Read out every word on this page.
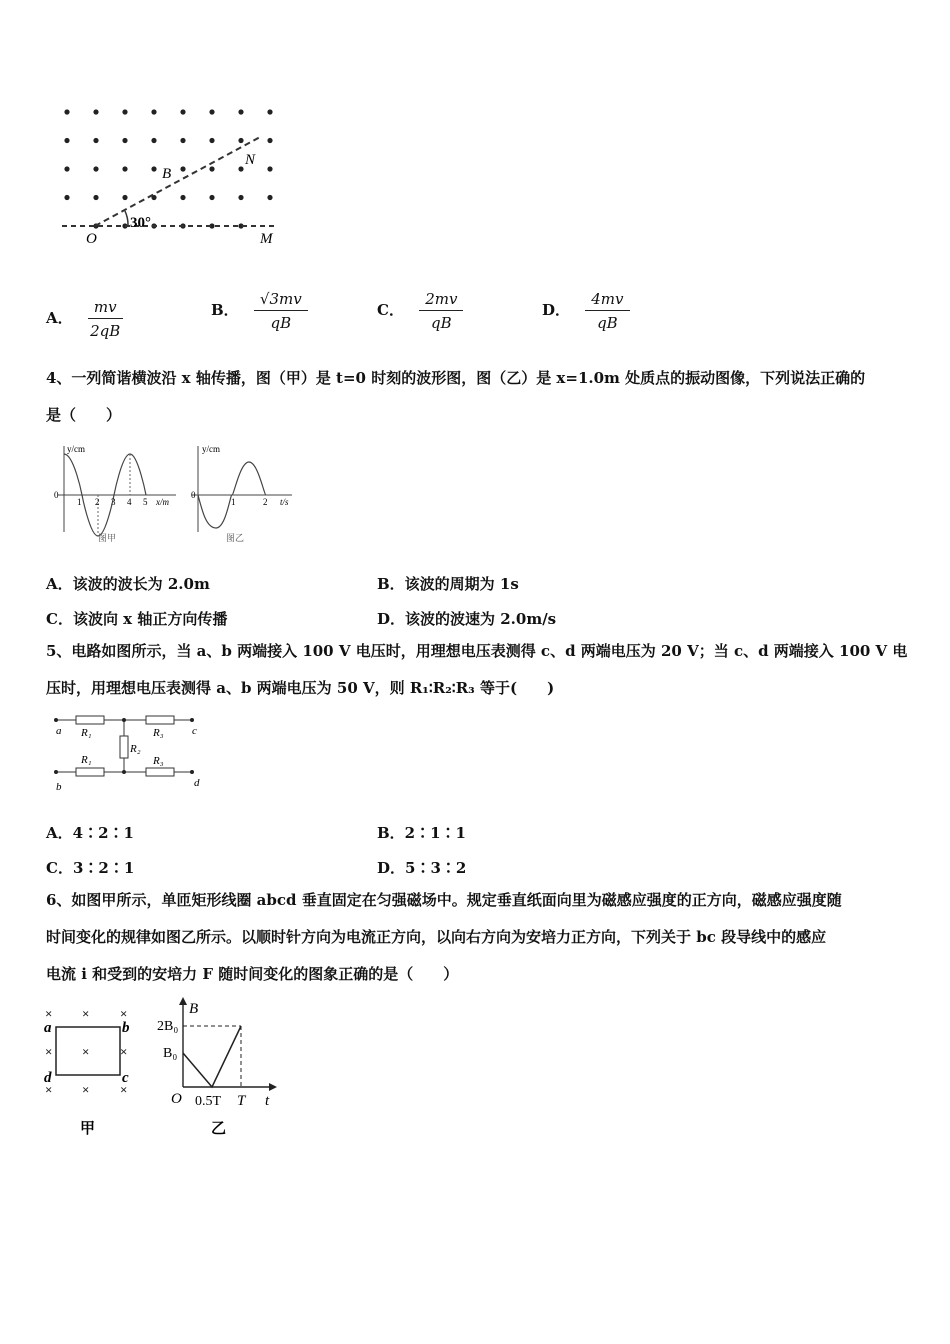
30°
B
N
O	M
A． $\frac{mv}{2qB}$	B． $\frac{√3mv}{qB}$	C． $\frac{2mv}{qB}$	D． $\frac{4mv}{qB}$
4、一列简谐横波沿 x 轴传播，图（甲）是 t=0 时刻的波形图，图（乙）是 x=1.0m 处质点的振动图像，下列说法正确的
是（　　）
y/cm
0
1 2 3 4 5 x/m
图甲
y/cm
0
1	2 t/s
图乙
A．该波的波长为 2.0m	B．该波的周期为 1s
C．该波向 x 轴正方向传播	D．该波的波速为 2.0m/s
5、电路如图所示，当 a、b 两端接入 100 V 电压时，用理想电压表测得 c、d 两端电压为 20 V；当 c、d 两端接入 100 V 电
压时，用理想电压表测得 a、b 两端电压为 50 V，则 R₁∶R₂∶R₃ 等于(　　)
a
b
c
d
R₁
R₁
R₂
R₃
R₃
A．4∶2∶1	B．2∶1∶1
C．3∶2∶1	D．5∶3∶2
6、如图甲所示，单匝矩形线圈 abcd 垂直固定在匀强磁场中。规定垂直纸面向里为磁感应强度的正方向，磁感应强度随
时间变化的规律如图乙所示。以顺时针方向为电流正方向，以向右方向为安培力正方向，下列关于 bc 段导线中的感应
电流 i 和受到的安培力 F 随时间变化的图象正确的是（　　）
× × ×
× × ×
× × ×
a	b
c
d
甲
B
2B₀
B₀
O 0.5T T t
乙
